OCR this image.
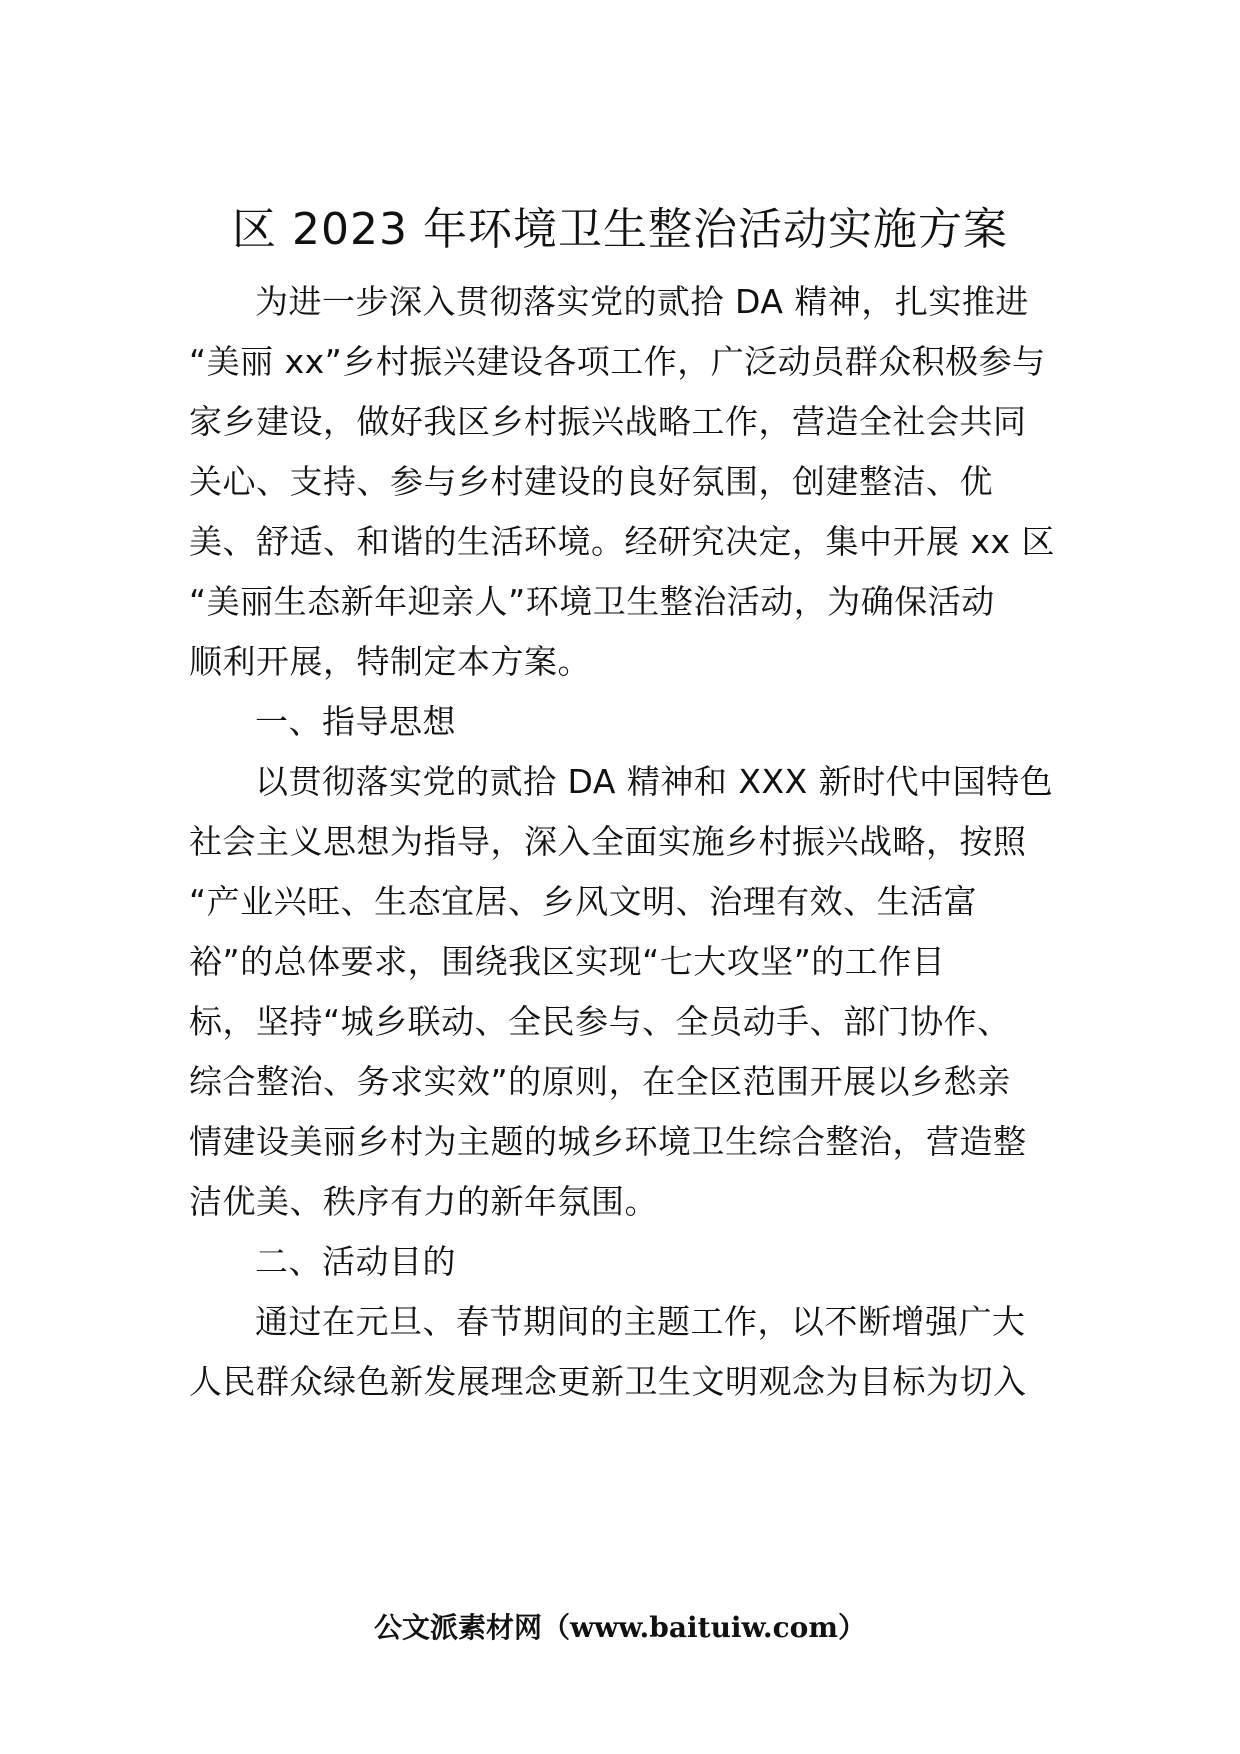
区 2023 年环境卫生整治活动实施方案
为进一步深入贯彻落实党的贰拾 DA 精神，扎实推进
“美丽 xx”乡村振兴建设各项工作，广泛动员群众积极参与
家乡建设，做好我区乡村振兴战略工作，营造全社会共同
关心、支持、参与乡村建设的良好氛围，创建整洁、优
美、舒适、和谐的生活环境。经研究决定，集中开展 xx 区
“美丽生态新年迎亲人”环境卫生整治活动，为确保活动
顺利开展，特制定本方案。
一、指导思想
以贯彻落实党的贰拾 DA 精神和 XXX 新时代中国特色
社会主义思想为指导，深入全面实施乡村振兴战略，按照
“产业兴旺、生态宜居、乡风文明、治理有效、生活富
裕”的总体要求，围绕我区实现“七大攻坚”的工作目
标，坚持“城乡联动、全民参与、全员动手、部门协作、
综合整治、务求实效”的原则，在全区范围开展以乡愁亲
情建设美丽乡村为主题的城乡环境卫生综合整治，营造整
洁优美、秩序有力的新年氛围。
二、活动目的
通过在元旦、春节期间的主题工作，以不断增强广大
人民群众绿色新发展理念更新卫生文明观念为目标为切入
公文派素材网（www.baituiw.com）
